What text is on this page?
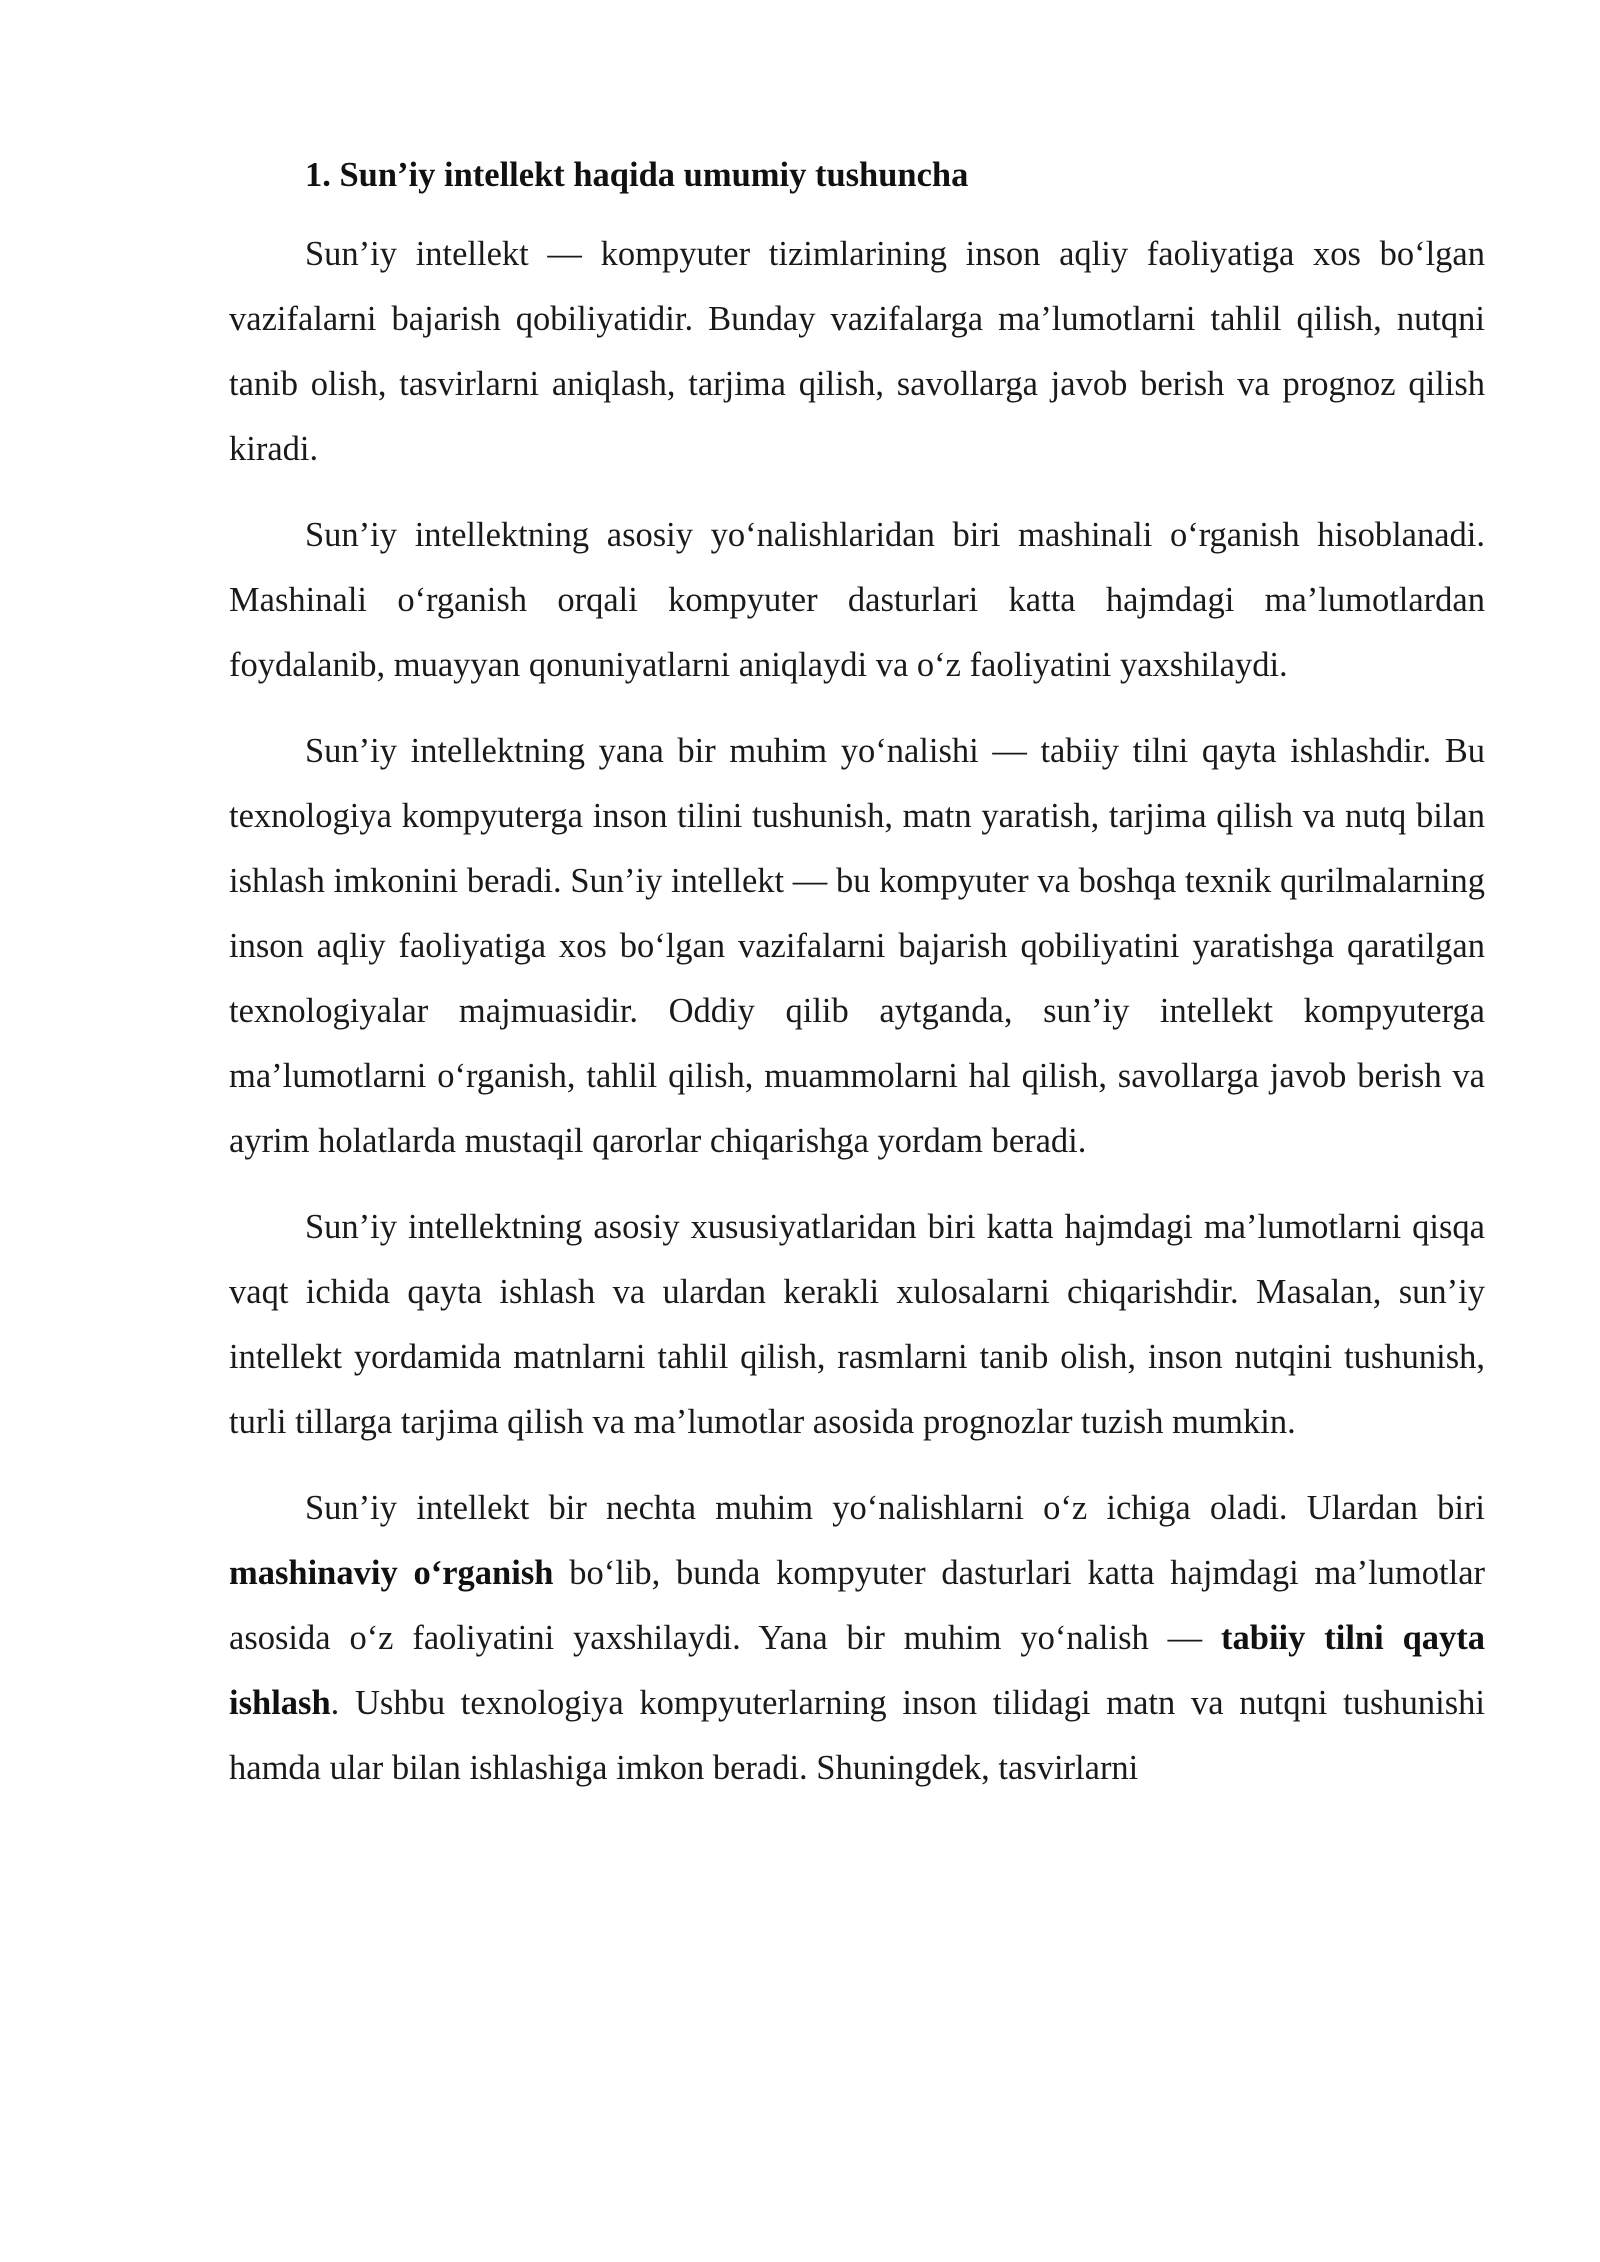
1. Sun’iy intellekt haqida umumiy tushuncha

Sun’iy intellekt — kompyuter tizimlarining inson aqliy faoliyatiga xos bo‘lgan vazifalarni bajarish qobiliyatidir. Bunday vazifalarga ma’lumotlarni tahlil qilish, nutqni tanib olish, tasvirlarni aniqlash, tarjima qilish, savollarga javob berish va prognoz qilish kiradi.

Sun’iy intellektning asosiy yo‘nalishlaridan biri mashinali o‘rganish hisoblanadi. Mashinali o‘rganish orqali kompyuter dasturlari katta hajmdagi ma’lumotlardan foydalanib, muayyan qonuniyatlarni aniqlaydi va o‘z faoliyatini yaxshilaydi.

Sun’iy intellektning yana bir muhim yo‘nalishi — tabiiy tilni qayta ishlashdir. Bu texnologiya kompyuterga inson tilini tushunish, matn yaratish, tarjima qilish va nutq bilan ishlash imkonini beradi. Sun’iy intellekt — bu kompyuter va boshqa texnik qurilmalarning inson aqliy faoliyatiga xos bo‘lgan vazifalarni bajarish qobiliyatini yaratishga qaratilgan texnologiyalar majmuasidir. Oddiy qilib aytganda, sun’iy intellekt kompyuterga ma’lumotlarni o‘rganish, tahlil qilish, muammolarni hal qilish, savollarga javob berish va ayrim holatlarda mustaqil qarorlar chiqarishga yordam beradi.

Sun’iy intellektning asosiy xususiyatlaridan biri katta hajmdagi ma’lumotlarni qisqa vaqt ichida qayta ishlash va ulardan kerakli xulosalarni chiqarishdir. Masalan, sun’iy intellekt yordamida matnlarni tahlil qilish, rasmlarni tanib olish, inson nutqini tushunish, turli tillarga tarjima qilish va ma’lumotlar asosida prognozlar tuzish mumkin.

Sun’iy intellekt bir nechta muhim yo‘nalishlarni o‘z ichiga oladi. Ulardan biri mashinaviy o‘rganish bo‘lib, bunda kompyuter dasturlari katta hajmdagi ma’lumotlar asosida o‘z faoliyatini yaxshilaydi. Yana bir muhim yo‘nalish — tabiiy tilni qayta ishlash. Ushbu texnologiya kompyuterlarning inson tilidagi matn va nutqni tushunishi hamda ular bilan ishlashiga imkon beradi. Shuningdek, tasvirlarni
